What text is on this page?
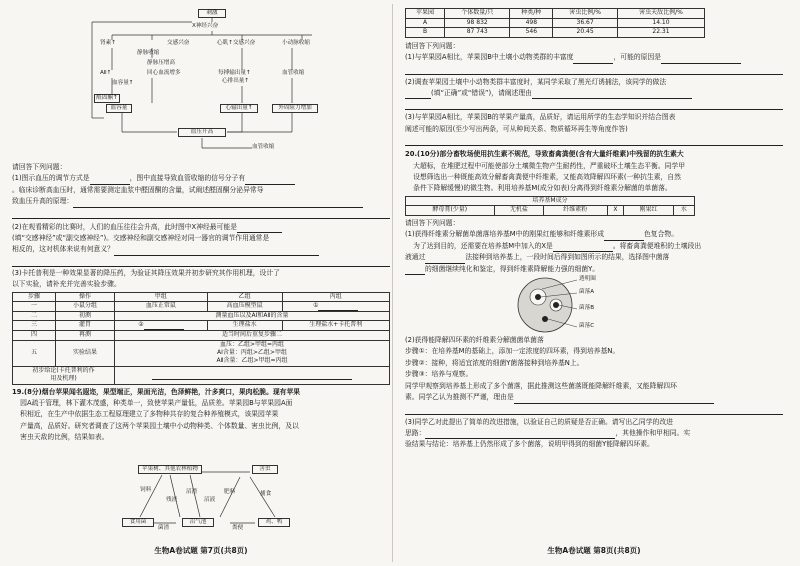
刺激
X神经兴奋
肾素↑
静脉收缩
交感兴奋	心肌↑交感兴奋	小动脉收缩
AⅡ↑
静脉压增高
血容量↑
回心血流增多	每搏输出量↑
心排出量↑
血管收缩
醛固酮↑
血容量	心输出量↑	外周阻力增加
血压升高
血管收缩

请回答下列问题：

(1)图示血压的调节方式是	，图中直接导致血管收缩的信号分子有

。临床诊断高血压时，通常需要测定血浆中醛固酮的含量，试阐述醛固酮分泌异常导

致血压升高的原理：

(2)在观看精彩的比赛时，人们的血压往往会升高，此时图中X神经最可能是

(填“交感神经”或“副交感神经”)。交感神经和副交感神经对同一器官的调节作用通常是

相反的，这对机体来说有何意义？

(3)卡托普利是一种效果显著的降压药，为验证其降压效果并初步研究其作用机理，设计了

以下实验，请补充并完善实验步骤。

步骤	操作	甲组	乙组	丙组
一	小鼠分组	血压正常鼠	高血压模型鼠	①
二	初测	测量血压以及AⅠ和AⅡ的含量		
三	灌胃	②	生理盐水	生理盐水+卡托普利
四	再测	适当时间后重复步骤二		
五	实验结果	血压：乙组>甲组=丙组
AⅠ含量：丙组>乙组>甲组
AⅡ含量：乙组>甲组=丙组		

初步给论(卡托普利的作
用及机理)				

19.(8分)烟台苹果闻名遐迩，果型端正，果面光洁，色泽鲜艳，汁多爽口，果肉松脆。现有苹果

园A疏于管理，林下灌木茂盛，种类单一，致使苹果产量低，品质差。苹果园B与苹果园A面

积相近，在生产中依据生态工程原理建立了多物种共存的复合种养殖模式，该果园苹果

产量高，品质好。研究者调查了这两个苹果园土壤中小动物种类、个体数量、害虫比例，及以

害虫天敌的比例，结果如表。

苹果树、其他农林植物	害虫
饲料
残渣
沼渣
沼液
肥料	捕食
食用菌	沼气池	鸡、鸭
菌渣	粪便
生物A卷试题 第7页(共8页)
苹果园	个体数量/只	种类/种	害虫比例/%	害虫天敌比例/%
A	98 832	498	36.67	14.10
B	87 743	546	20.45	22.31

请回答下列问题：

(1)与苹果园A相比，苹果园B中土壤小动物类群的丰富度	，可能的原因是

(2)调查苹果园土壤中小动物类群丰富度时，某同学采取了黑光灯诱捕法，该同学的做法

(填“正确”或“错误”)，请阐述理由

(3)与苹果园A相比，苹果园B的苹果产量高，品质好，请运用所学的生态学知识并结合图表

阐述可能的原因(至少写出两条，可从种间关系、物质循环再生等角度作答)

20.(10分)部分畜牧场使用抗生素不规范，导致畜禽粪便(含有大量纤维素)中残留的抗生素大

大超标，在堆肥过程中可能使部分土壤微生物产生耐药性，严重破坏土壤生态平衡。同学甲

设想筛选出一种既能高效分解畜禽粪便中纤维素，又能高效降解四环素(一种抗生素，自然

条件下降解缓慢)的微生物。利用培养基M(成分如表)分离得到纤维素分解菌的单菌落。

培养基M成分
酵母膏(少量)	无机盐	纤维素粉	X	刚果红	水

请回答下列问题：

(1)获得纤维素分解菌单菌落培养基M中的刚果红能够和纤维素形成	色复合物。

为了达到目的，还需要在培养基M中加入的X是	。将畜禽粪便堆积的土壤段出

液通过	法接种到培养基上，一段时间后得到如图所示的结果，选择图中菌落

的细菌继续纯化和鉴定，得到纤维素降解能力强的细菌Y。

透明圈
菌落A
菌落B
菌落C

(2)获得能降解四环素的纤维素分解菌菌单菌落

步骤①：在培养基M的基础上，添加一定浓度的四环素，得到培养基N。

步骤②：接种，将适宜浓度的细菌Y菌落接种到培养基N上。

步骤③：培养与观察。

同学甲观察到培养基上形成了多个菌落，据此推测这些菌落既能降解纤维素，又能降解四环

素。同学乙认为推测不严谨，理由是

(3)同学乙对此提出了简单的改进措施，以验证自己的质疑是否正确。请写出乙同学的改进

思路：	，其他操作和甲相同。实

验结果与结论：培养基上仍然形成了多个菌落，说明甲得到的细菌Y能降解四环素。

生物A卷试题 第8页(共8页)
